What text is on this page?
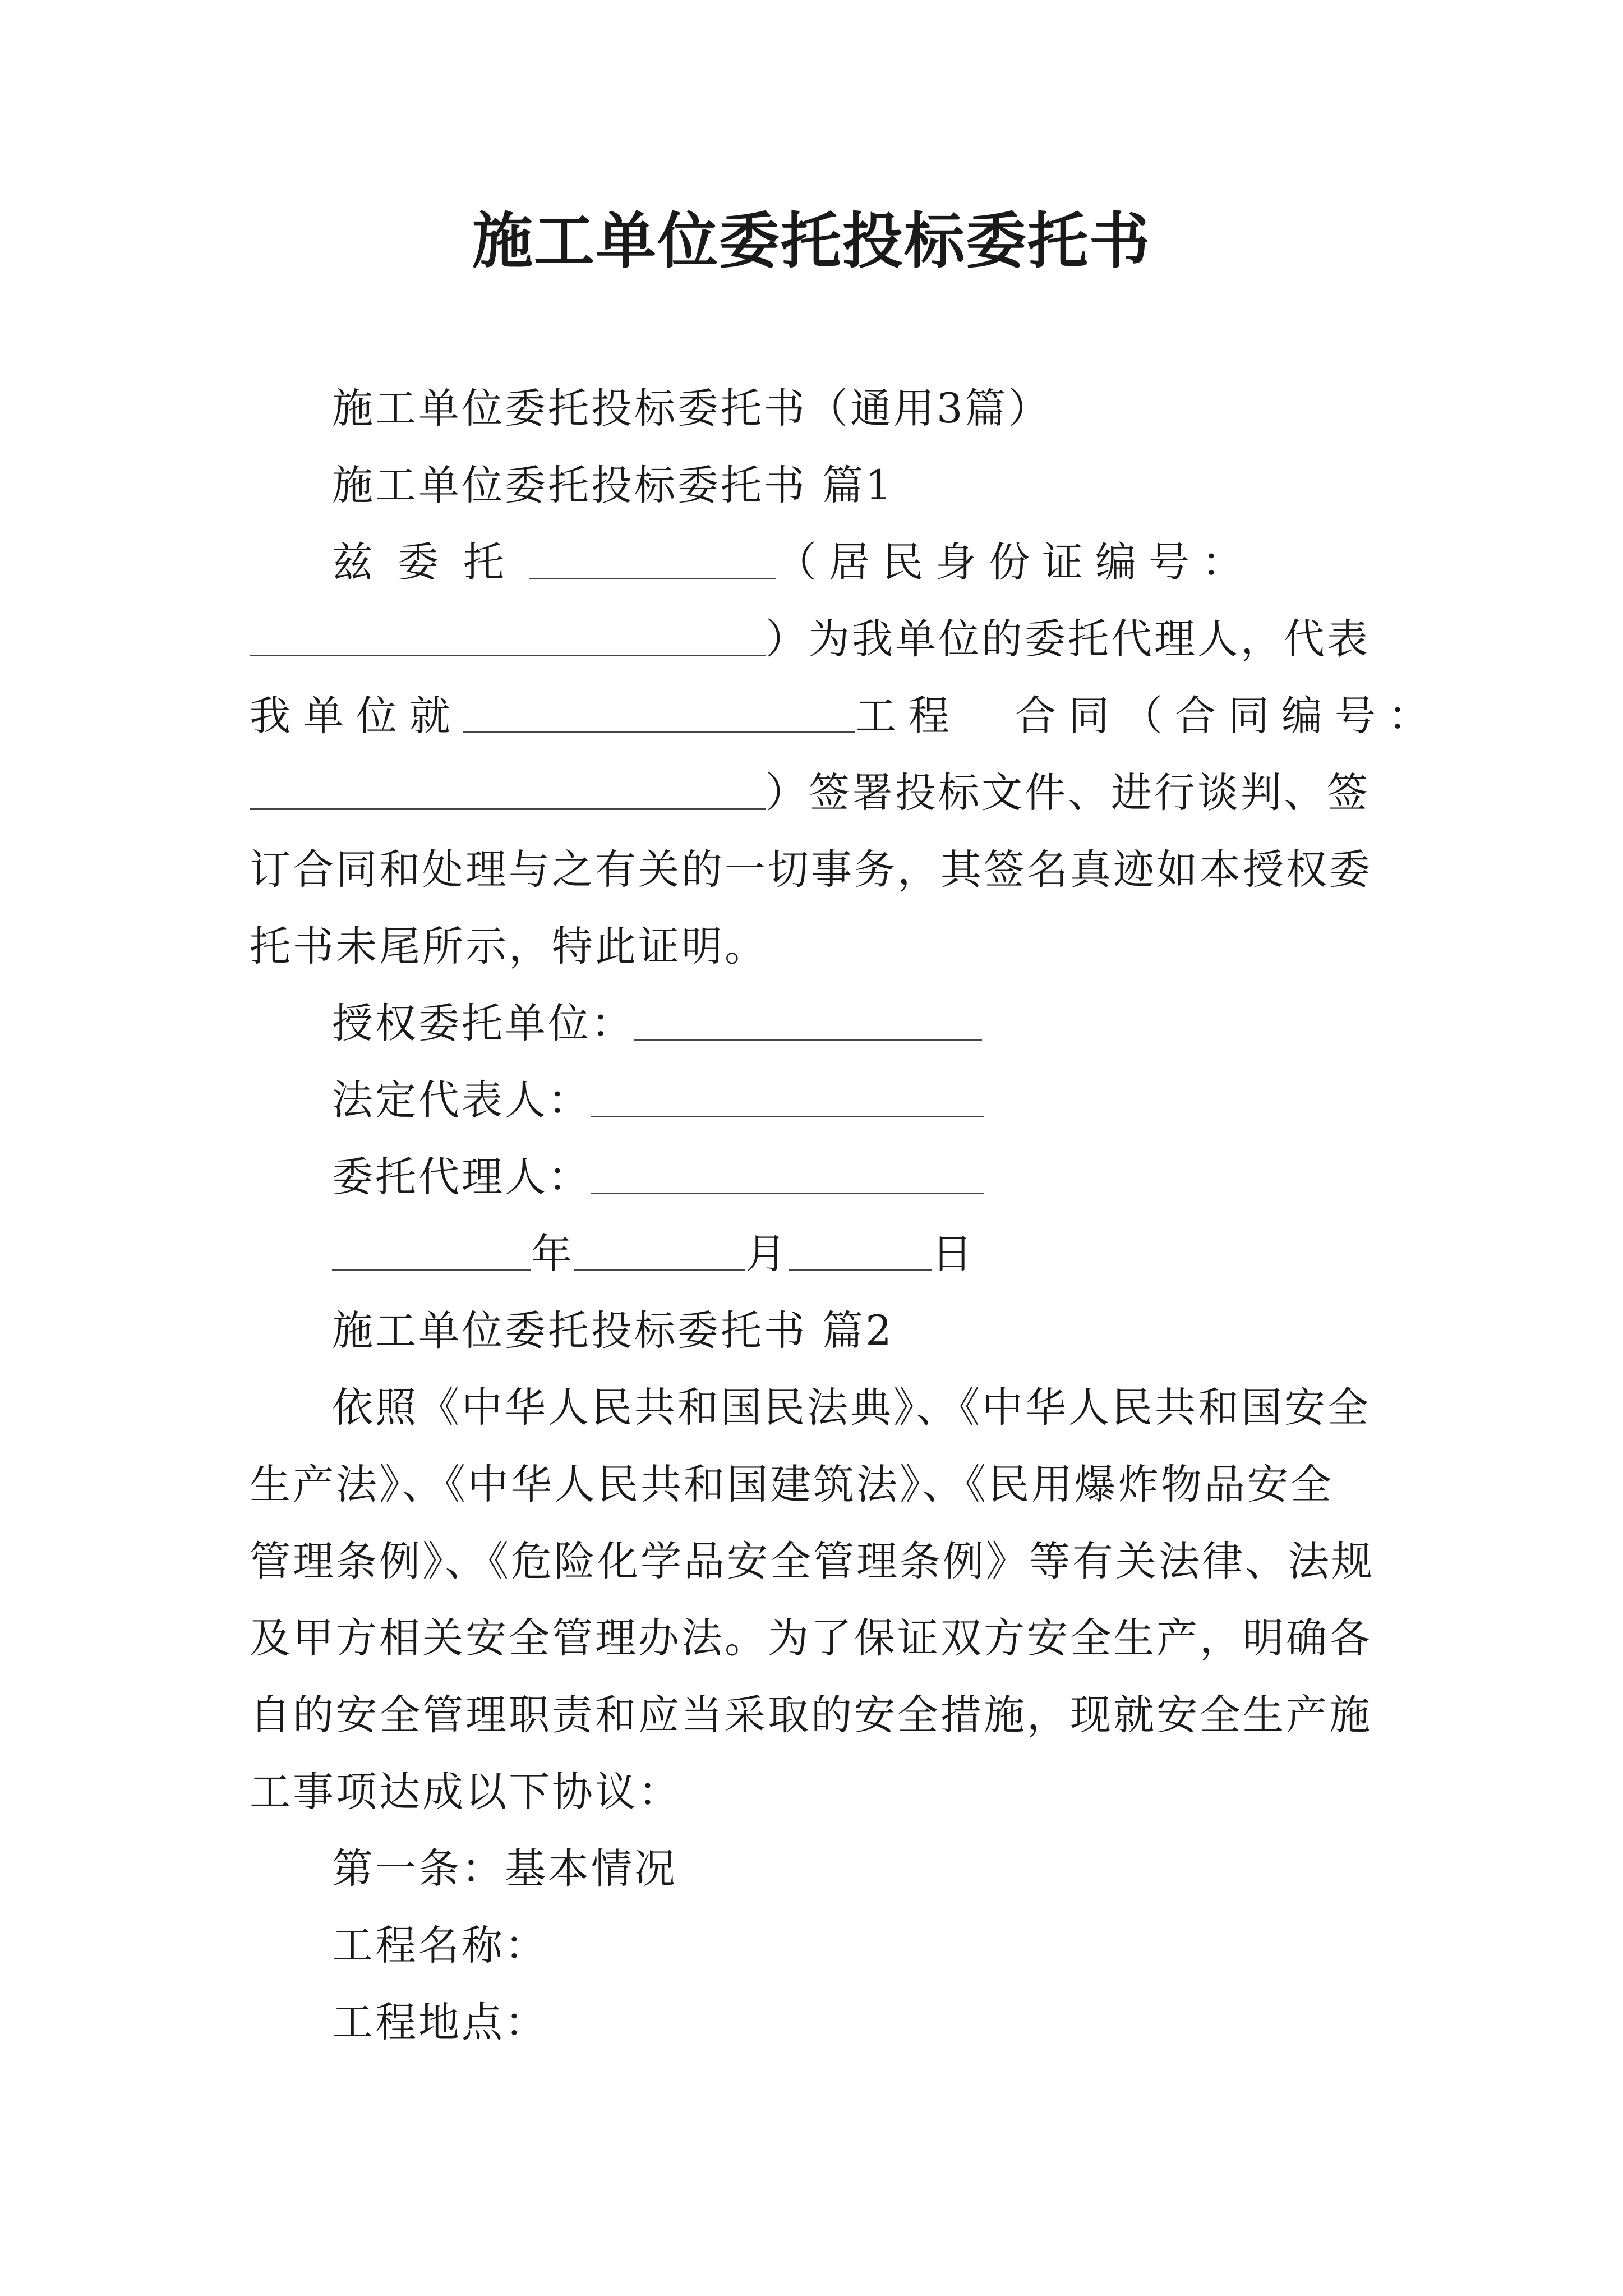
施工单位委托投标委托书

施工单位委托投标委托书（通用3篇）

施工单位委托投标委托书 篇1

兹委托	（居民身份证编号：

）为我单位的委托代理人，代表

我单位就	工程　合同（合同编号：

）签署投标文件、进行谈判、签

订合同和处理与之有关的一切事务，其签名真迹如本授权委

托书未尾所示，特此证明。

授权委托单位：

法定代表人：

委托代理人：

年	月	日

施工单位委托投标委托书 篇2

依照《中华人民共和国民法典》、《中华人民共和国安全

生产法》、《中华人民共和国建筑法》、《民用爆炸物品安全

管理条例》、《危险化学品安全管理条例》等有关法律、法规

及甲方相关安全管理办法。为了保证双方安全生产，明确各

自的安全管理职责和应当采取的安全措施，现就安全生产施

工事项达成以下协议：

第一条：基本情况

工程名称：

工程地点：
